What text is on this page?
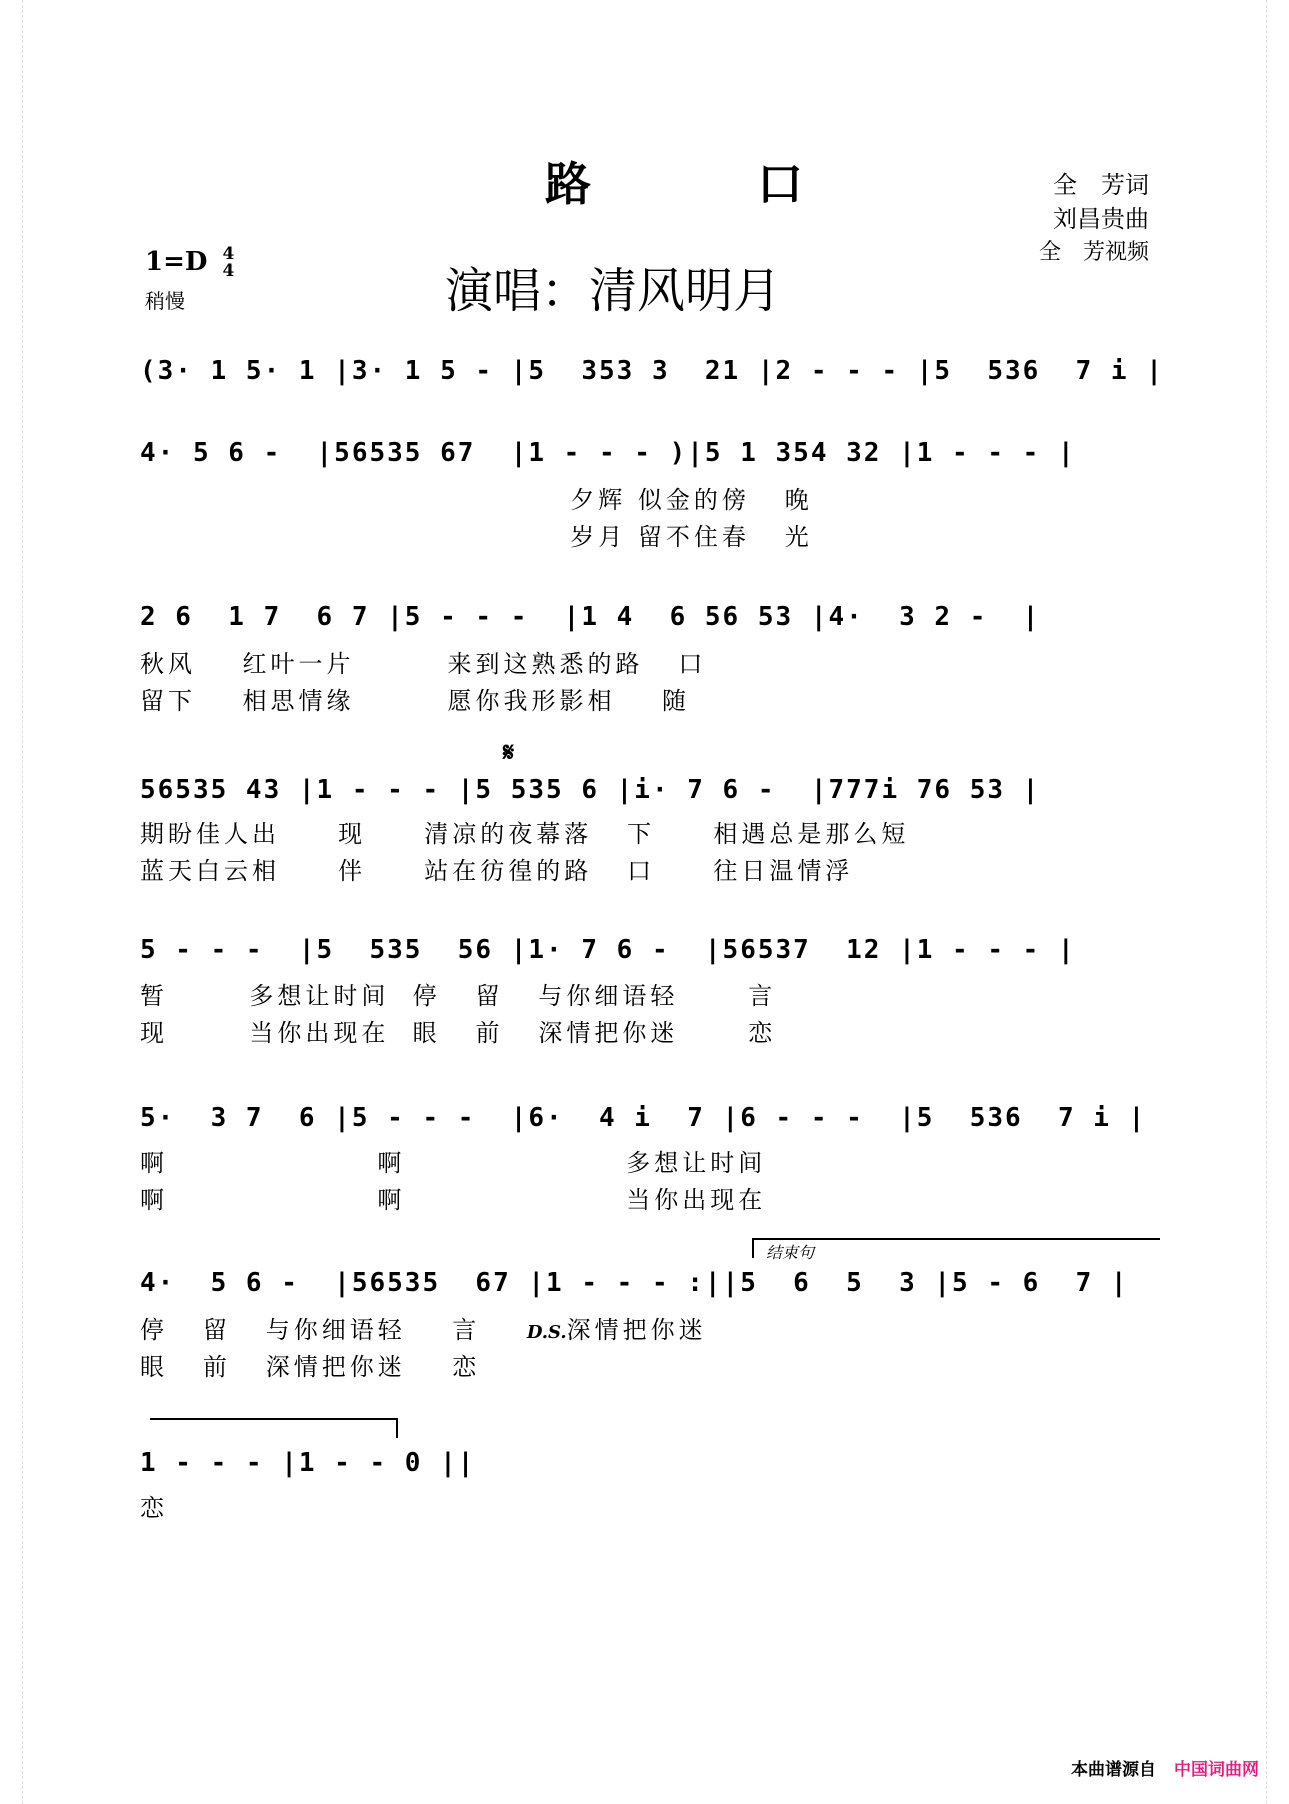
路　口	全　芳词
刘昌贵曲
全　芳视频
1=D 4
4
稍慢	演唱：清风明月
(3· 1 5· 1 |3· 1 5 - |5  353 3  21 |2 - - - |5  536  7 i |
4· 5 6 -  |56535 67  |1 - - - )|5 1 354 32 |1 - - - |
夕辉 似金的傍   晚
岁月 留不住春   光
2 6  1 7  6 7 |5 - - -  |1 4  6 56 53 |4·  3 2 -  |
秋风    红叶一片        来到这熟悉的路   口
留下    相思情缘        愿你我形影相    随
𝄋
56535 43 |1 - - - |5 535 6 |i· 7 6 -  |777i 76 53 |
期盼佳人出     现     清凉的夜幕落   下     相遇总是那么短
蓝天白云相     伴     站在彷徨的路   口     往日温情浮
5 - - -  |5  535  56 |1· 7 6 -  |56537  12 |1 - - - |
暂       多想让时间  停   留   与你细语轻      言
现       当你出现在  眼   前   深情把你迷      恋
5·  3 7  6 |5 - - -  |6·  4 i  7 |6 - - -  |5  536  7 i |
啊                  啊                   多想让时间
啊                  啊                   当你出现在
结束句
4·  5 6 -  |56535  67 |1 - - - :||5  6  5  3 |5 - 6  7 |
停   留   与你细语轻    言    D.S.深情把你迷
眼   前   深情把你迷    恋
1 - - - |1 - - 0 ||
恋
本曲谱源自 中国词曲网
